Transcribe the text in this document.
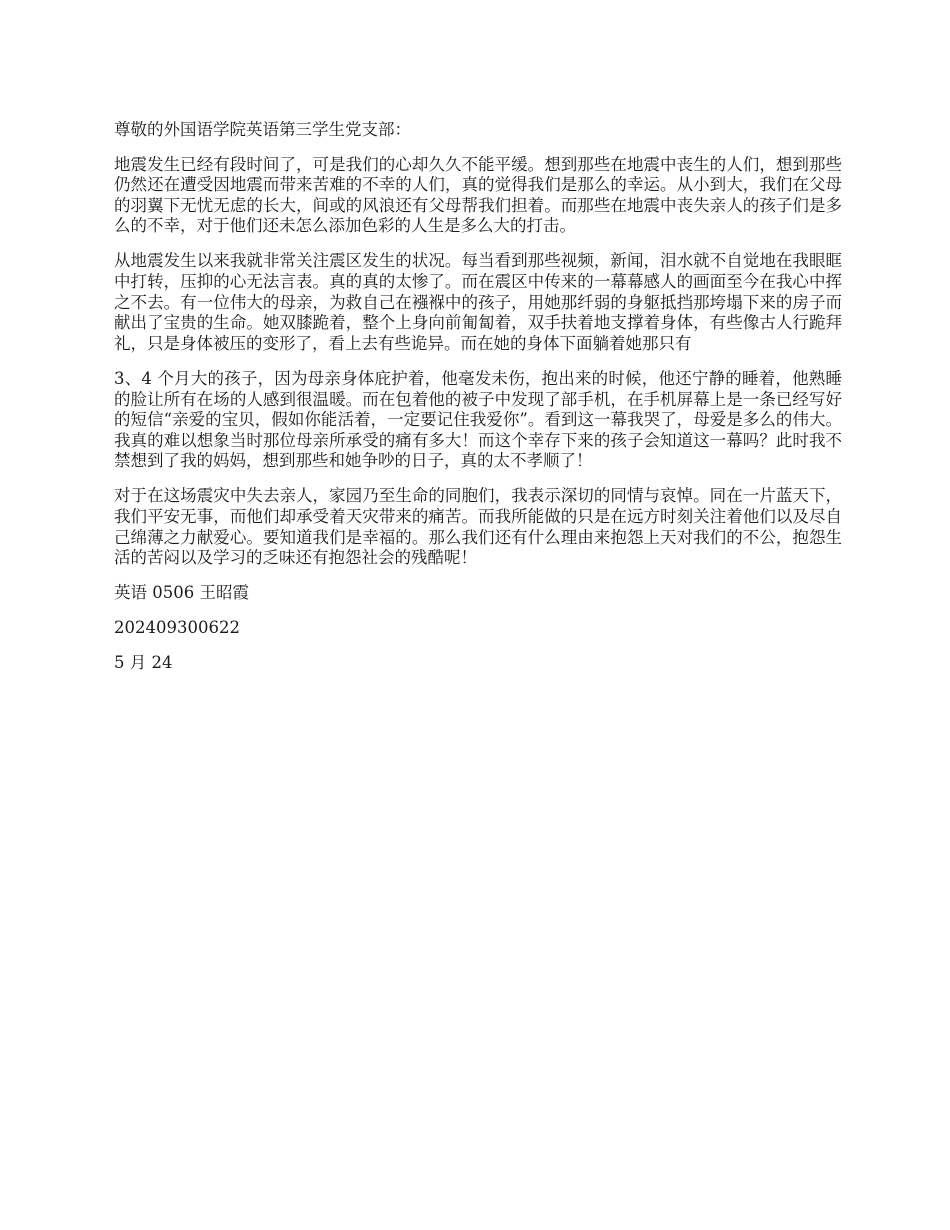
尊敬的外国语学院英语第三学生党支部：

地震发生已经有段时间了，可是我们的心却久久不能平缓。想到那些在地震中丧生的人们，想到那些仍然还在遭受因地震而带来苦难的不幸的人们，真的觉得我们是那么的幸运。从小到大，我们在父母的羽翼下无忧无虑的长大，间或的风浪还有父母帮我们担着。而那些在地震中丧失亲人的孩子们是多么的不幸，对于他们还未怎么添加色彩的人生是多么大的打击。

从地震发生以来我就非常关注震区发生的状况。每当看到那些视频，新闻，泪水就不自觉地在我眼眶中打转，压抑的心无法言表。真的真的太惨了。而在震区中传来的一幕幕感人的画面至今在我心中挥之不去。有一位伟大的母亲，为救自己在襁褓中的孩子，用她那纤弱的身躯抵挡那垮塌下来的房子而献出了宝贵的生命。她双膝跪着，整个上身向前匍匐着，双手扶着地支撑着身体，有些像古人行跪拜礼，只是身体被压的变形了，看上去有些诡异。而在她的身体下面躺着她那只有

3、4 个月大的孩子，因为母亲身体庇护着，他毫发未伤，抱出来的时候，他还宁静的睡着，他熟睡的脸让所有在场的人感到很温暖。而在包着他的被子中发现了部手机，在手机屏幕上是一条已经写好的短信“亲爱的宝贝，假如你能活着，一定要记住我爱你”。看到这一幕我哭了，母爱是多么的伟大。我真的难以想象当时那位母亲所承受的痛有多大！而这个幸存下来的孩子会知道这一幕吗？此时我不禁想到了我的妈妈，想到那些和她争吵的日子，真的太不孝顺了！

对于在这场震灾中失去亲人，家园乃至生命的同胞们，我表示深切的同情与哀悼。同在一片蓝天下，我们平安无事，而他们却承受着天灾带来的痛苦。而我所能做的只是在远方时刻关注着他们以及尽自己绵薄之力献爱心。要知道我们是幸福的。那么我们还有什么理由来抱怨上天对我们的不公，抱怨生活的苦闷以及学习的乏味还有抱怨社会的残酷呢！

英语 0506 王昭霞

202409300622

5 月 24
